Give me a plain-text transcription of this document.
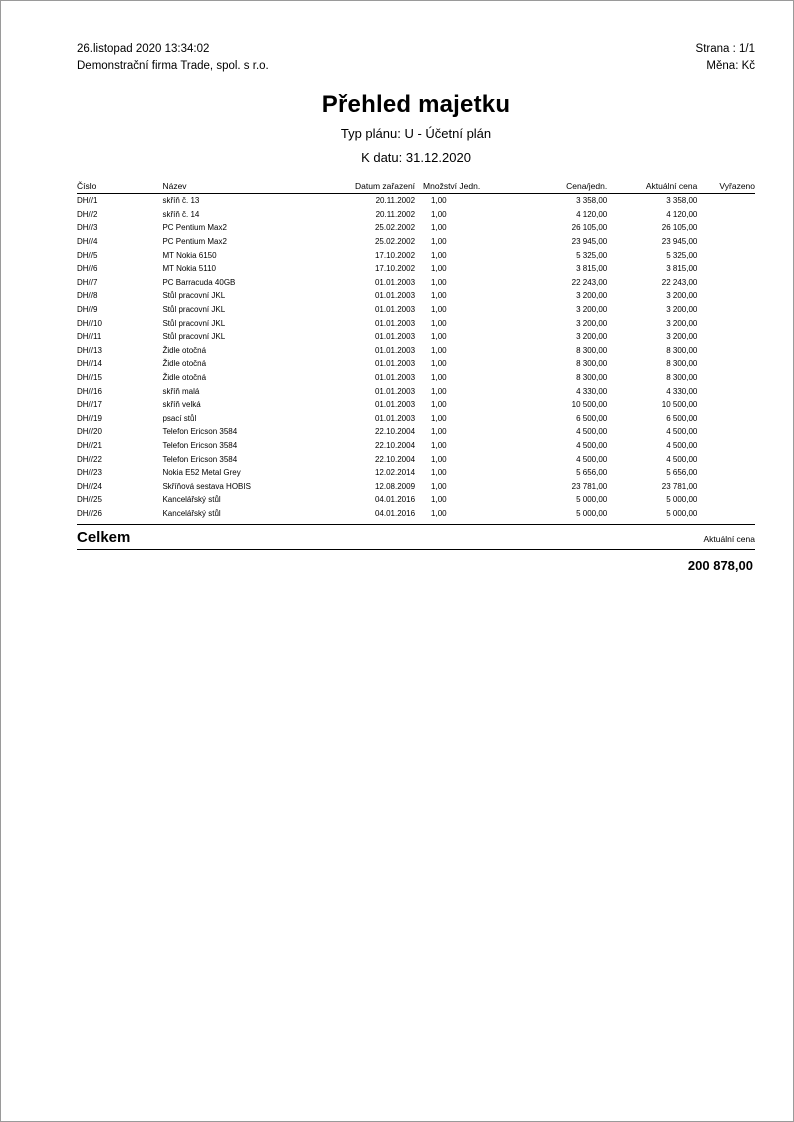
26.listopad 2020 13:34:02	Strana : 1/1
Demonstrační firma Trade, spol. s r.o.	Měna: Kč
Přehled majetku
Typ plánu: U - Účetní plán
K datu: 31.12.2020
Číslo	Název	Datum zařazení	Množství Jedn.	Cena/jedn.	Aktuální cena	Vyřazeno
DH//1	skříň č. 13	20.11.2002	1,00	3 358,00	3 358,00	
DH//2	skříň č. 14	20.11.2002	1,00	4 120,00	4 120,00	
DH//3	PC Pentium Max2	25.02.2002	1,00	26 105,00	26 105,00	
DH//4	PC Pentium Max2	25.02.2002	1,00	23 945,00	23 945,00	
DH//5	MT Nokia 6150	17.10.2002	1,00	5 325,00	5 325,00	
DH//6	MT Nokia 5110	17.10.2002	1,00	3 815,00	3 815,00	
DH//7	PC Barracuda 40GB	01.01.2003	1,00	22 243,00	22 243,00	
DH//8	Stůl pracovní JKL	01.01.2003	1,00	3 200,00	3 200,00	
DH//9	Stůl pracovní JKL	01.01.2003	1,00	3 200,00	3 200,00	
DH//10	Stůl pracovní JKL	01.01.2003	1,00	3 200,00	3 200,00	
DH//11	Stůl pracovní JKL	01.01.2003	1,00	3 200,00	3 200,00	
DH//13	Židle otočná	01.01.2003	1,00	8 300,00	8 300,00	
DH//14	Židle otočná	01.01.2003	1,00	8 300,00	8 300,00	
DH//15	Židle otočná	01.01.2003	1,00	8 300,00	8 300,00	
DH//16	skříň malá	01.01.2003	1,00	4 330,00	4 330,00	
DH//17	skříň velká	01.01.2003	1,00	10 500,00	10 500,00	
DH//19	psací stůl	01.01.2003	1,00	6 500,00	6 500,00	
DH//20	Telefon Ericson 3584	22.10.2004	1,00	4 500,00	4 500,00	
DH//21	Telefon Ericson 3584	22.10.2004	1,00	4 500,00	4 500,00	
DH//22	Telefon Ericson 3584	22.10.2004	1,00	4 500,00	4 500,00	
DH//23	Nokia E52 Metal Grey	12.02.2014	1,00	5 656,00	5 656,00	
DH//24	Skříňová sestava HOBIS	12.08.2009	1,00	23 781,00	23 781,00	
DH//25	Kancelářský stůl	04.01.2016	1,00	5 000,00	5 000,00	
DH//26	Kancelářský stůl	04.01.2016	1,00	5 000,00	5 000,00	
Celkem	Aktuální cena
200 878,00
